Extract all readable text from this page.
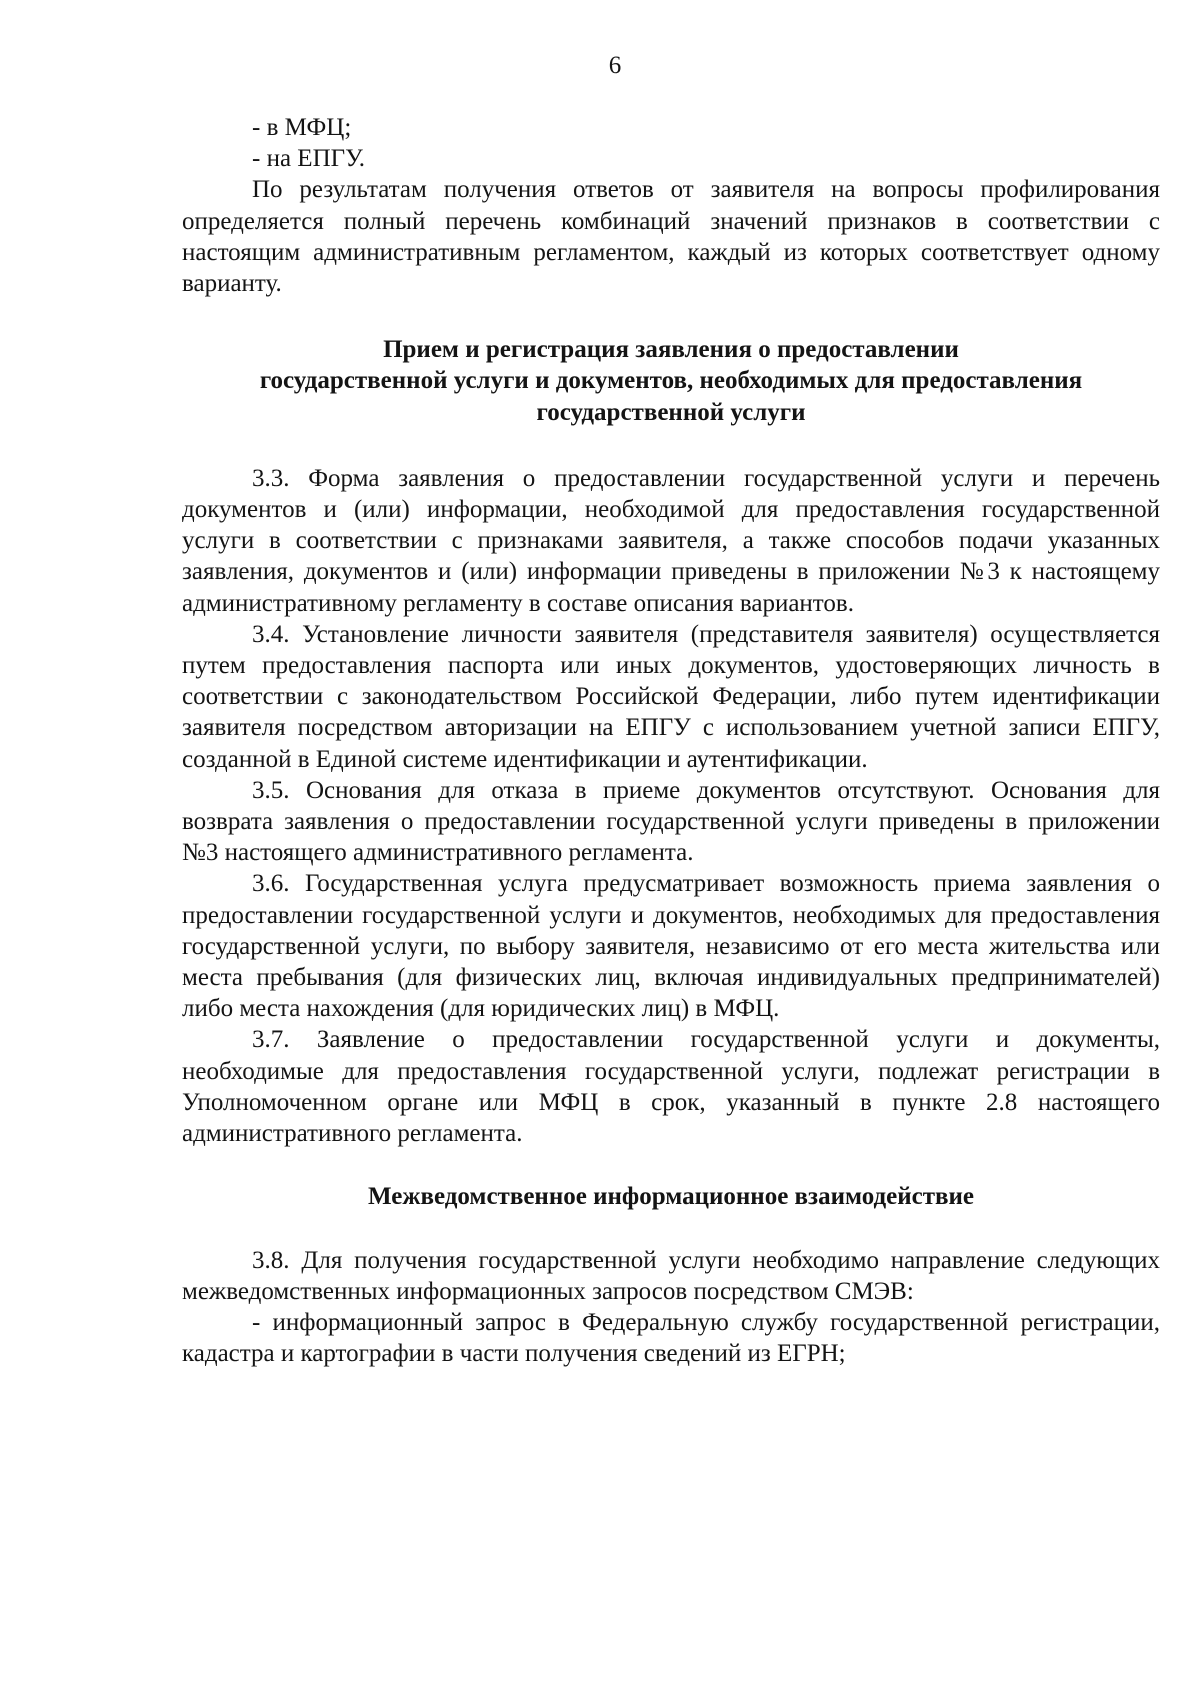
6

- в МФЦ;

- на ЕПГУ.

По результатам получения ответов от заявителя на вопросы профилирования определяется полный перечень комбинаций значений признаков в соответствии с настоящим административным регламентом, каждый из которых соответствует одному варианту.

Прием и регистрация заявления о предоставлении
государственной услуги и документов, необходимых для предоставления
государственной услуги

3.3. Форма заявления о предоставлении государственной услуги и перечень документов и (или) информации, необходимой для предоставления государственной услуги в соответствии с признаками заявителя, а также способов подачи указанных заявления, документов и (или) информации приведены в приложении №3 к настоящему административному регламенту в составе описания вариантов.

3.4. Установление личности заявителя (представителя заявителя) осуществляется путем предоставления паспорта или иных документов, удостоверяющих личность в соответствии с законодательством Российской Федерации, либо путем идентификации заявителя посредством авторизации на ЕПГУ с использованием учетной записи ЕПГУ, созданной в Единой системе идентификации и аутентификации.

3.5. Основания для отказа в приеме документов отсутствуют. Основания для возврата заявления о предоставлении государственной услуги приведены в приложении №3 настоящего административного регламента.

3.6. Государственная услуга предусматривает возможность приема заявления о предоставлении государственной услуги и документов, необходимых для предоставления государственной услуги, по выбору заявителя, независимо от его места жительства или места пребывания (для физических лиц, включая индивидуальных предпринимателей) либо места нахождения (для юридических лиц) в МФЦ.

3.7. Заявление о предоставлении государственной услуги и документы, необходимые для предоставления государственной услуги, подлежат регистрации в Уполномоченном органе или МФЦ в срок, указанный в пункте 2.8 настоящего административного регламента.

Межведомственное информационное взаимодействие

3.8. Для получения государственной услуги необходимо направление следующих межведомственных информационных запросов посредством СМЭВ:

- информационный запрос в Федеральную службу государственной регистрации, кадастра и картографии в части получения сведений из ЕГРН;
